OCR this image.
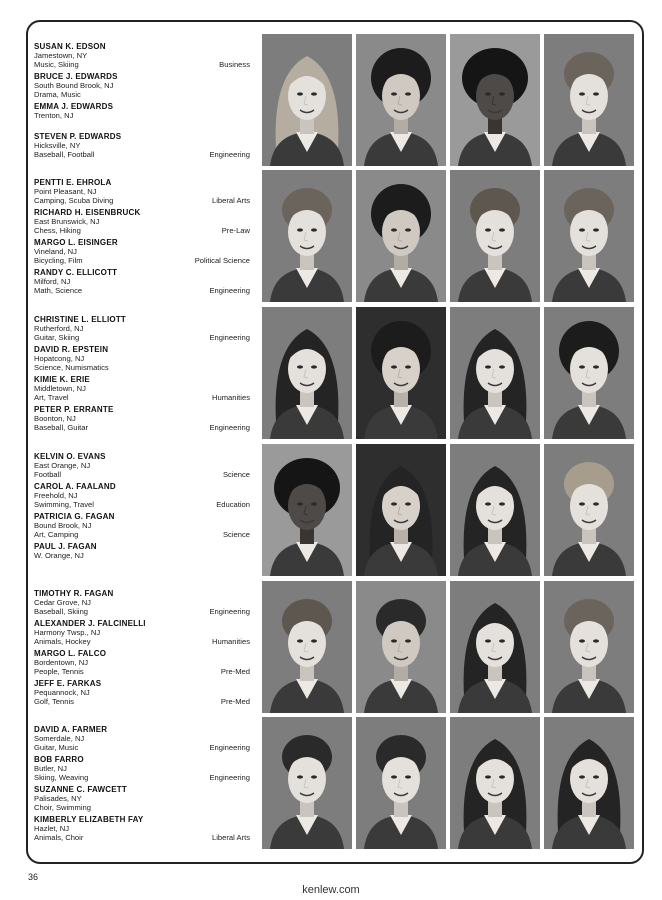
SUSAN K. EDSON
Jamestown, NY
Music, Skiing	Business
BRUCE J. EDWARDS
South Bound Brook, NJ
Drama, Music
EMMA J. EDWARDS
Trenton, NJ
STEVEN P. EDWARDS
Hicksville, NY
Baseball, Football	Engineering
PENTTI E. EHROLA
Point Pleasant, NJ
Camping, Scuba Diving	Liberal Arts
RICHARD H. EISENBRUCK
East Brunswick, NJ
Chess, Hiking	Pre-Law
MARGO L. EISINGER
Vineland, NJ
Bicycling, Film	Political Science
RANDY C. ELLICOTT
Milford, NJ
Math, Science	Engineering
CHRISTINE L. ELLIOTT
Rutherford, NJ
Guitar, Skiing	Engineering
DAVID R. EPSTEIN
Hopatcong, NJ
Science, Numismatics
KIMIE K. ERIE
Middletown, NJ
Art, Travel	Humanities
PETER P. ERRANTE
Boonton, NJ
Baseball, Guitar	Engineering
KELVIN O. EVANS
East Orange, NJ
Football	Science
CAROL A. FAALAND
Freehold, NJ
Swimming, Travel	Education
PATRICIA G. FAGAN
Bound Brook, NJ
Art, Camping	Science
PAUL J. FAGAN
W. Orange, NJ
TIMOTHY R. FAGAN
Cedar Grove, NJ
Baseball, Skiing	Engineering
ALEXANDER J. FALCINELLI
Harmony Twsp., NJ
Animals, Hockey	Humanities
MARGO L. FALCO
Bordentown, NJ
People, Tennis	Pre-Med
JEFF E. FARKAS
Pequannock, NJ
Golf, Tennis	Pre-Med
DAVID A. FARMER
Somerdale, NJ
Guitar, Music	Engineering
BOB FARRO
Butler, NJ
Skiing, Weaving	Engineering
SUZANNE C. FAWCETT
Palisades, NY
Choir, Swimming
KIMBERLY ELIZABETH FAY
Hazlet, NJ
Animals, Choir	Liberal Arts
36
kenlew.com
